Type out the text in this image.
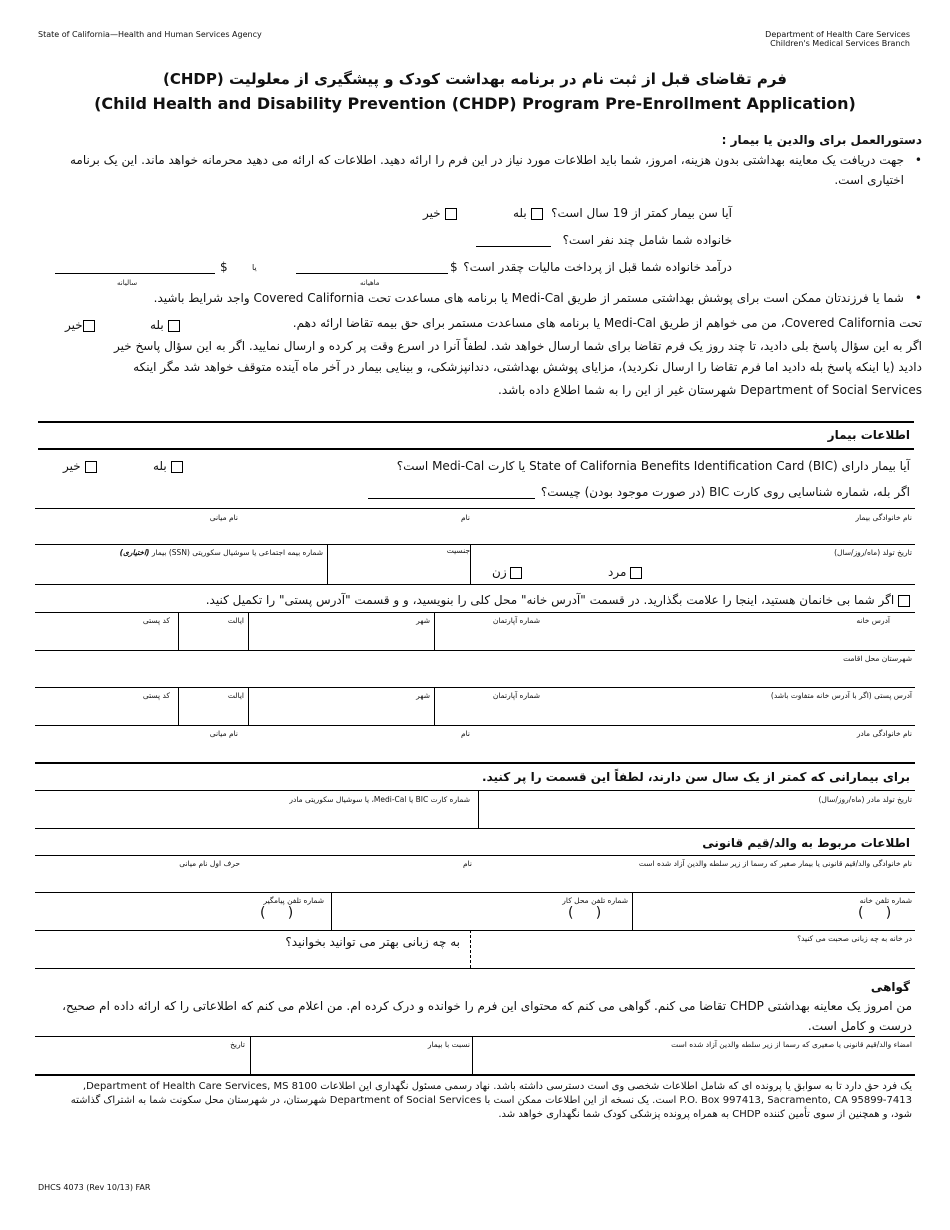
State of California—Health and Human Services Agency	Department of Health Care Services
Children's Medical Services Branch
فرم تقاضای قبل از ثبت نام در برنامه بهداشت کودک و پیشگیری از معلولیت (CHDP)
(Child Health and Disability Prevention (CHDP) Program Pre-Enrollment Application)
دستورالعمل برای والدین یا بیمار :
•
جهت دریافت یک معاینه بهداشتی بدون هزینه، امروز، شما باید اطلاعات مورد نیاز در این فرم را ارائه دهید. اطلاعات که ارائه می دهید محرمانه خواهد ماند. این یک برنامه اختیاری است.
آیا سن بیمار کمتر از 19 سال است؟
بله
خیر
خانواده شما شامل چند نفر است؟
درآمد خانواده شما قبل از پرداخت مالیات چقدر است؟
$
یا
$
ماهیانه
سالیانه
•
شما یا فرزندتان ممکن است برای پوشش بهداشتی مستمر از طریق Medi-Cal یا برنامه های مساعدت تحت Covered California واجد شرایط باشید.
تحت Covered California، من می خواهم از طریق Medi-Cal یا برنامه های مساعدت مستمر برای حق بیمه تقاضا ارائه دهم.
بله
خیر
اگر به این سؤال پاسخ بلی دادید، تا چند روز یک فرم تقاضا برای شما ارسال خواهد شد. لطفاً آنرا در اسرع وقت پر کرده و ارسال نمایید. اگر به این سؤال پاسخ خیر
دادید (یا اینکه پاسخ بله دادید اما فرم تقاضا را ارسال نکردید)، مزایای پوشش بهداشتی، دندانپزشکی، و بینایی بیمار در آخر ماه آینده متوقف خواهد شد مگر اینکه
Department of Social Services شهرستان غیر از این را به شما اطلاع داده باشد.
اطلاعات بیمار
آیا بیمار دارای State of California Benefits Identification Card (BIC) یا کارت Medi-Cal است؟
بله
خیر
اگر بله، شماره شناسایی روی کارت BIC (در صورت موجود بودن) چیست؟
نام خانوادگی بیمار
نام
نام میانی
تاریخ تولد (ماه/روز/سال)
جنسیت
مرد
زن
شماره بیمه اجتماعی یا سوشیال سکوریتی (SSN) بیمار (اختیاری)
اگر شما بی خانمان هستید، اینجا را علامت بگذارید. در قسمت "آدرس خانه" محل کلی را بنویسید، و و قسمت "آدرس پستی" را تکمیل کنید.
آدرس خانه
شماره آپارتمان
شهر
ایالت
کد پستی
شهرستان محل اقامت
آدرس پستی (اگر با آدرس خانه متفاوت باشد)
شماره آپارتمان
شهر
ایالت
کد پستی
نام خانوادگی مادر
نام
نام میانی
برای بیمارانی که کمتر از یک سال سن دارند، لطفاً این قسمت را پر کنید.
تاریخ تولد مادر (ماه/روز/سال)
شماره کارت BIC یا Medi-Cal، یا سوشیال سکوریتی مادر
اطلاعات مربوط به والد/قیم قانونی
نام خانوادگی والد/قیم قانونی یا بیمار صغیر که رسما از زیر سلطه والدین آزاد شده است
نام
حرف اول نام میانی
شماره تلفن خانه
(     )
شماره تلفن محل کار
(     )
شماره تلفن پیامگیر
(     )
در خانه به چه زبانی صحبت می کنید؟
به چه زبانی بهتر می توانید بخوانید؟
گواهی
من امروز یک معاینه بهداشتی CHDP تقاضا می کنم. گواهی می کنم که محتوای این فرم را خوانده و درک کرده ام. من اعلام می کنم که اطلاعاتی را که ارائه داده ام صحیح،
درست و کامل است.
امضاء والد/قیم قانونی یا صغیری که رسما از زیر سلطه والدین آزاد شده است
نسبت با بیمار
تاریخ
یک فرد حق دارد تا به سوابق یا پرونده ای که شامل اطلاعات شخصی وی است دسترسی داشته باشد. نهاد رسمی مسئول نگهداری این اطلاعات Department of Health Care Services, MS 8100,
P.O. Box 997413, Sacramento, CA 95899-7413 است. یک نسخه از این اطلاعات ممکن است با Department of Social Services شهرستان، در شهرستان محل سکونت شما به اشتراک گذاشته
شود، و همچنین از سوی تأمین کننده CHDP به همراه پرونده پزشکی کودک شما نگهداری خواهد شد.
DHCS 4073 (Rev 10/13) FAR
